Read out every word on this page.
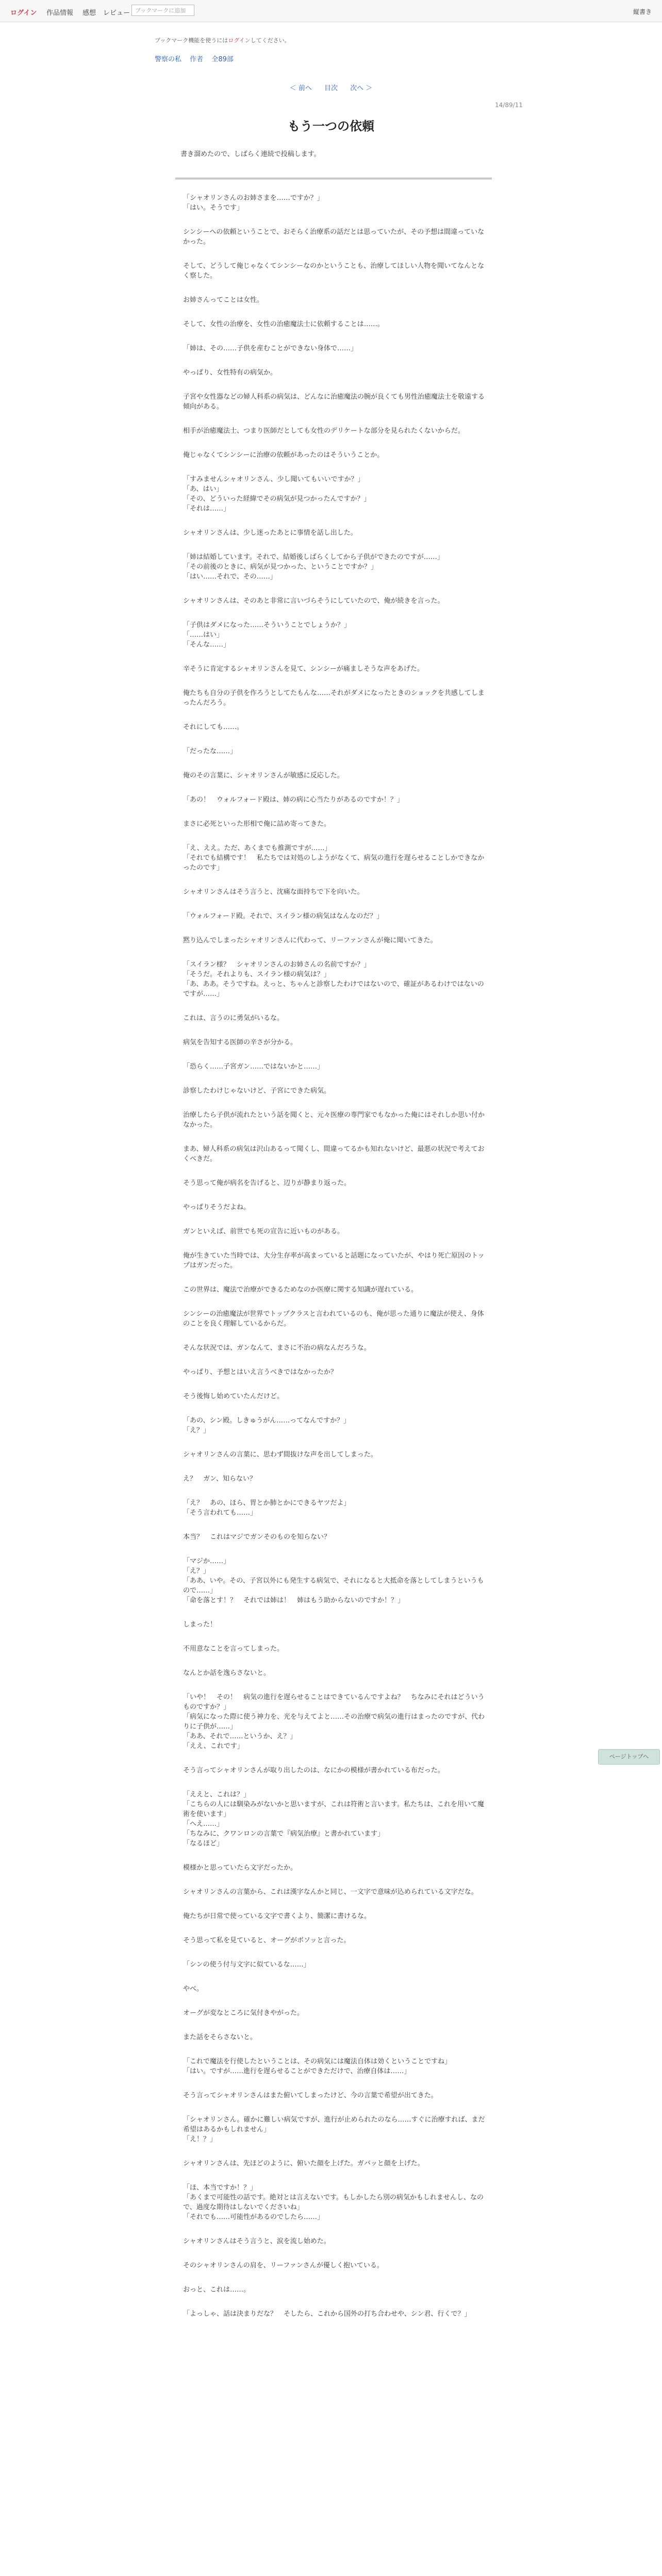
ログイン 作品情報 感想 レビュー ブックマークに追加	縦書き
ブックマーク機能を使うにはログインしてください。
警察の私 作者 全89部
＜ 前へ 目次 次へ ＞
14/89/11
もう一つの依頼
書き溜めたので、しばらく連続で投稿します。

「シャオリンさんのお姉さまを……ですか？」
「はい。そうです」

シンシーへの依頼ということで、おそらく治療系の話だとは思っていたが、その予想は間違っていなかった。

そして、どうして俺じゃなくてシンシーなのかということも、治療してほしい人物を聞いてなんとなく察した。

お姉さんってことは女性。

そして、女性の治療を、女性の治癒魔法士に依頼することは……。

「姉は、その……子供を産むことができない身体で……」

やっぱり、女性特有の病気か。

子宮や女性器などの婦人科系の病気は、どんなに治癒魔法の腕が良くても男性治癒魔法士を敬遠する傾向がある。

相手が治癒魔法士、つまり医師だとしても女性のデリケートな部分を見られたくないからだ。

俺じゃなくてシンシーに治療の依頼があったのはそういうことか。

「すみませんシャオリンさん、少し聞いてもいいですか？」
「あ、はい」
「その、どういった経緯でその病気が見つかったんですか？」
「それは……」

シャオリンさんは、少し迷ったあとに事情を話し出した。

「姉は結婚しています。それで、結婚後しばらくしてから子供ができたのですが……」
「その前後のときに、病気が見つかった、ということですか？」
「はい……それで、その……」

シャオリンさんは、そのあと非常に言いづらそうにしていたので、俺が続きを言った。

「子供はダメになった……そういうことでしょうか？」
「……はい」
「そんな……」

辛そうに肯定するシャオリンさんを見て、シンシーが痛ましそうな声をあげた。

俺たちも自分の子供を作ろうとしてたもんな……それがダメになったときのショックを共感してしまったんだろう。

それにしても……。

「だったな……」

俺のその言葉に、シャオリンさんが敏感に反応した。

「あの！　ウォルフォード殿は、姉の病に心当たりがあるのですか！？」

まさに必死といった形相で俺に詰め寄ってきた。

「え、ええ。ただ、あくまでも推測ですが……」
「それでも結構です！　私たちでは対処のしようがなくて、病気の進行を遅らせることしかできなかったのです」

シャオリンさんはそう言うと、沈痛な面持ちで下を向いた。

「ウォルフォード殿。それで、スイラン様の病気はなんなのだ？」

黙り込んでしまったシャオリンさんに代わって、リーファンさんが俺に聞いてきた。

「スイラン様？　シャオリンさんのお姉さんの名前ですか？」
「そうだ。それよりも、スイラン様の病気は？」
「あ、ああ。そうですね。えっと、ちゃんと診察したわけではないので、確証があるわけではないのですが……」

これは、言うのに勇気がいるな。

病気を告知する医師の辛さが分かる。

「恐らく……子宮ガン……ではないかと……」

診察したわけじゃないけど、子宮にできた病気。

治療したら子供が流れたという話を聞くと、元々医療の専門家でもなかった俺にはそれしか思い付かなかった。

まあ、婦人科系の病気は沢山あるって聞くし、間違ってるかも知れないけど、最悪の状況で考えておくべきだ。

そう思って俺が病名を告げると、辺りが静まり返った。

やっぱりそうだよね。

ガンといえば、前世でも死の宣告に近いものがある。

俺が生きていた当時では、大分生存率が高まっていると話題になっていたが、やはり死亡原因のトップはガンだった。

この世界は、魔法で治療ができるためなのか医療に関する知識が遅れている。

シンシーの治癒魔法が世界でトップクラスと言われているのも、俺が思った通りに魔法が使え、身体のことを良く理解しているからだ。

そんな状況では、ガンなんて、まさに不治の病なんだろうな。

やっぱり、予想とはいえ言うべきではなかったか？

そう後悔し始めていたんだけど。

「あの、シン殿。しきゅうがん……ってなんですか？」
「え？」

シャオリンさんの言葉に、思わず間抜けな声を出してしまった。

え？　ガン、知らない？

「え？　あの、ほら、胃とか肺とかにできるヤツだよ」
「そう言われても……」

本当？　これはマジでガンそのものを知らない？

「マジか……」
「え？」
「ああ、いや。その、子宮以外にも発生する病気で、それになると大抵命を落としてしまうというもので……」
「命を落とす！？　それでは姉は！　姉はもう助からないのですか！？」

しまった！

不用意なことを言ってしまった。

なんとか話を逸らさないと。

「いや！　その！　病気の進行を遅らせることはできているんですよね？　ちなみにそれはどういうものですか？」
「病気になった際に使う神力を、光を与えてよと……その治療で病気の進行はまったのですが、代わりに子供が……」
「ああ、それで……というか、え？」
「ええ、これです」

そう言ってシャオリンさんが取り出したのは、なにかの模様が書かれている布だった。

「ええと、これは？」
「こちらの人には馴染みがないかと思いますが、これは符術と言います。私たちは、これを用いて魔術を使います」
「へえ……」
「ちなみに、クワンロンの言葉で『病気治療』と書かれています」
「なるほど」

模様かと思っていたら文字だったか。

シャオリンさんの言葉から、これは漢字なんかと同じ、一文字で意味が込められている文字だな。

俺たちが日常で使っている文字で書くより、簡潔に書けるな。

そう思って私を見ていると、オーグがボソッと言った。

「シンの使う付与文字に似ているな……」

やべ。

オーグが変なところに気付きやがった。

また話をそらさないと。

「これで魔法を行使したということは、その病気には魔法自体は効くということですね」
「はい。ですが……進行を遅らせることができただけで、治療自体は……」

そう言ってシャオリンさんはまた俯いてしまったけど、今の言葉で希望が出てきた。

「シャオリンさん。確かに難しい病気ですが、進行が止められたのなら……すぐに治療すれば、まだ希望はあるかもしれません」
「え！？」

シャオリンさんは、先ほどのように、俯いた顔を上げた。ガバッと顔を上げた。

「ほ、本当ですか！？」
「あくまで可能性の話です。絶対とは言えないです。もしかしたら別の病気かもしれませんし、なので、過度な期待はしないでくださいね」
「それでも……可能性があるのでしたら……」

シャオリンさんはそう言うと、涙を流し始めた。

そのシャオリンさんの肩を、リーファンさんが優しく抱いている。

おっと、これは……。

「よっしゃ、話は決まりだな？　そしたら、これから国外の打ち合わせや、シン君、行くで？」

ページトップへ
